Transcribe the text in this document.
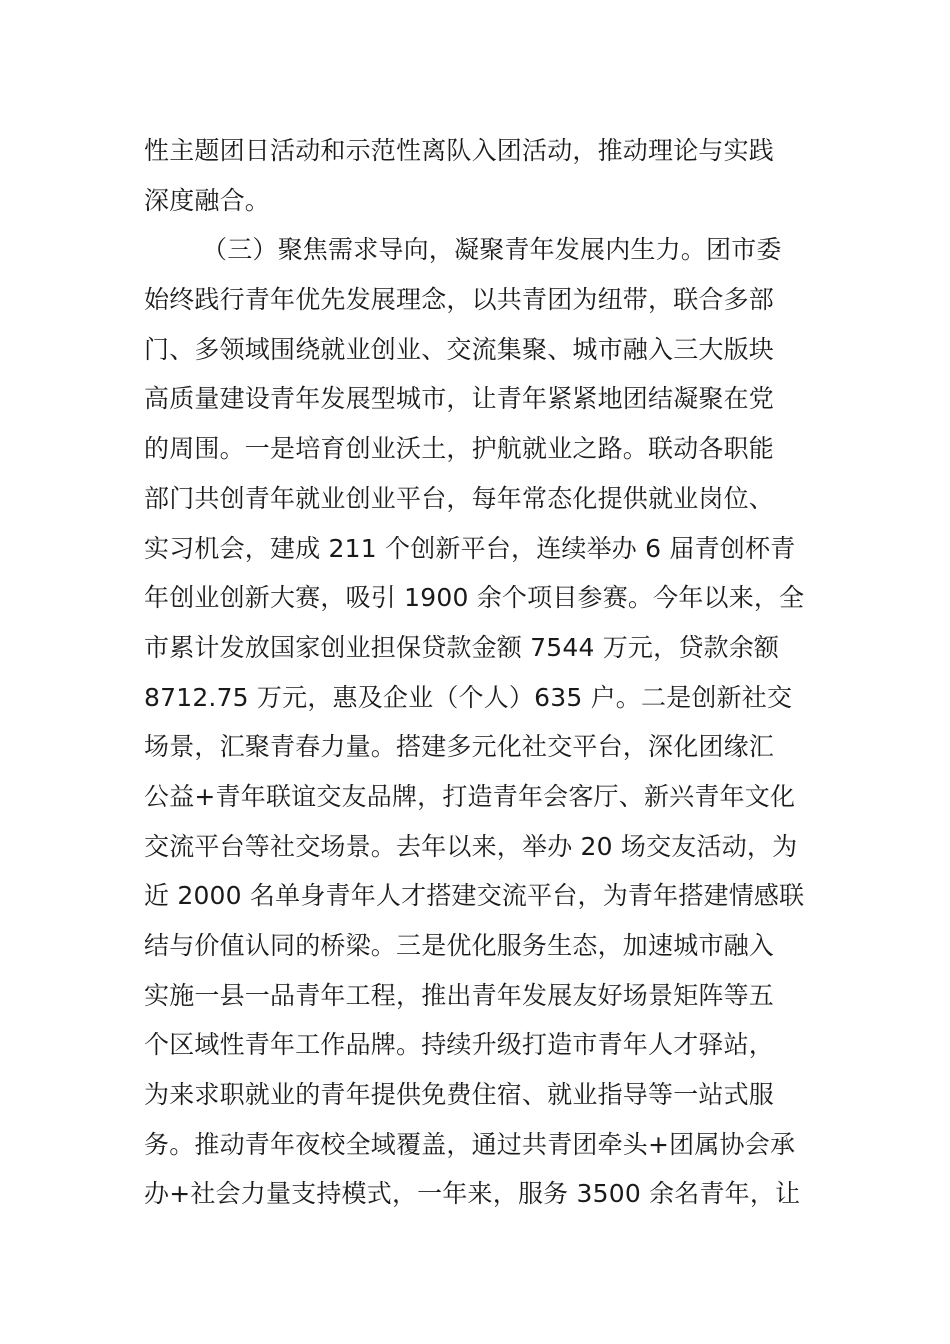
性主题团日活动和示范性离队入团活动，推动理论与实践
深度融合。
（三）聚焦需求导向，凝聚青年发展内生力。团市委
始终践行青年优先发展理念，以共青团为纽带，联合多部
门、多领域围绕就业创业、交流集聚、城市融入三大版块
高质量建设青年发展型城市，让青年紧紧地团结凝聚在党
的周围。一是培育创业沃土，护航就业之路。联动各职能
部门共创青年就业创业平台，每年常态化提供就业岗位、
实习机会，建成 211 个创新平台，连续举办 6 届青创杯青
年创业创新大赛，吸引 1900 余个项目参赛。今年以来，全
市累计发放国家创业担保贷款金额 7544 万元，贷款余额
8712.75 万元，惠及企业（个人）635 户。二是创新社交
场景，汇聚青春力量。搭建多元化社交平台，深化团缘汇
公益+青年联谊交友品牌，打造青年会客厅、新兴青年文化
交流平台等社交场景。去年以来，举办 20 场交友活动，为
近 2000 名单身青年人才搭建交流平台，为青年搭建情感联
结与价值认同的桥梁。三是优化服务生态，加速城市融入
实施一县一品青年工程，推出青年发展友好场景矩阵等五
个区域性青年工作品牌。持续升级打造市青年人才驿站，
为来求职就业的青年提供免费住宿、就业指导等一站式服
务。推动青年夜校全域覆盖，通过共青团牵头+团属协会承
办+社会力量支持模式，一年来，服务 3500 余名青年，让
